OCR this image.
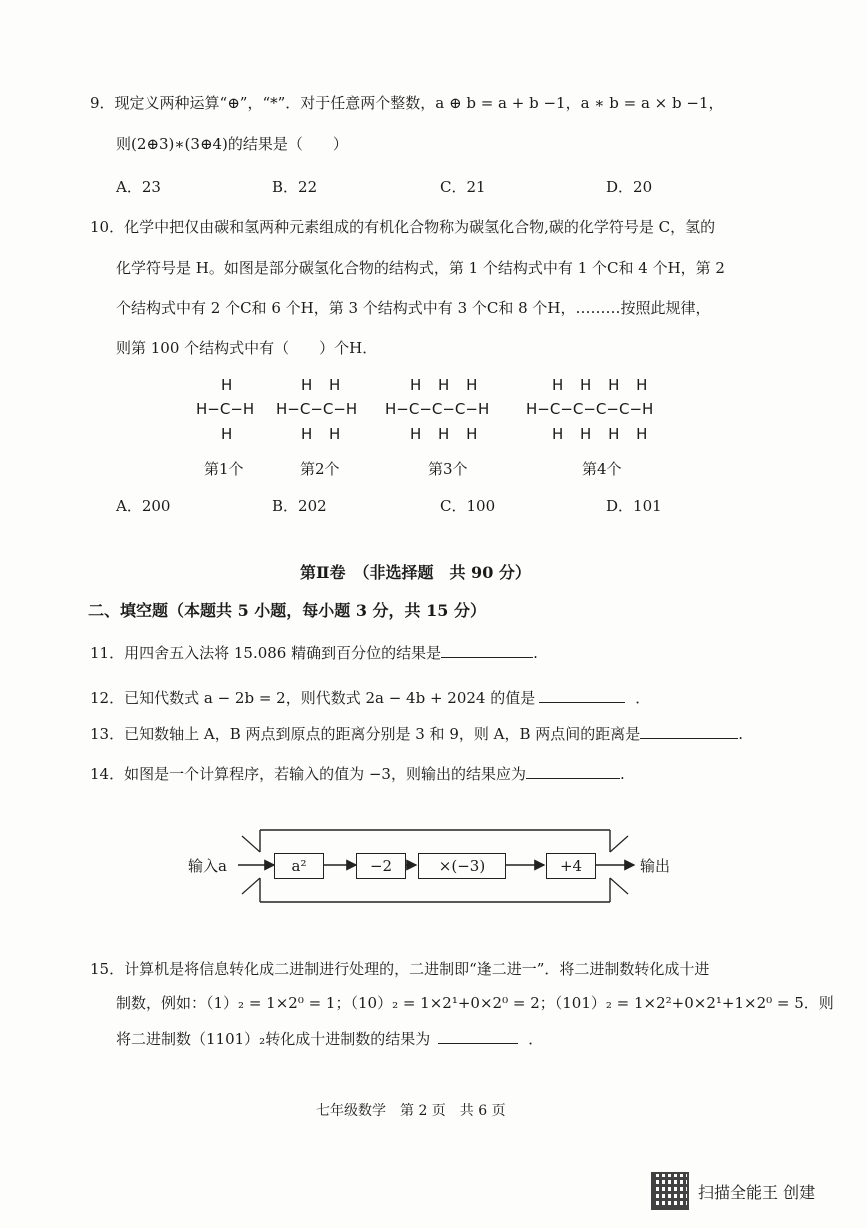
9．现定义两种运算“⊕”，“*”．对于任意两个整数，a ⊕ b = a + b −1，a ∗ b = a × b −1，
则(2⊕3)∗(3⊕4)的结果是（　　）
A．23	B．22	C．21	D．20
10．化学中把仅由碳和氢两种元素组成的有机化合物称为碳氢化合物,碳的化学符号是 C，氢的
化学符号是 H。如图是部分碳氢化合物的结构式，第 1 个结构式中有 1 个C和 4 个H，第 2
个结构式中有 2 个C和 6 个H，第 3 个结构式中有 3 个C和 8 个H，………按照此规律，
则第 100 个结构式中有（　　）个H．
H
H−C−H
H
第1个
H H
H−C−C−H
H H
第2个
H H H
H−C−C−C−H
H H H
第3个
H H H H
H−C−C−C−C−H
H H H H
第4个
A．200	B．202	C．100	D．101
第Ⅱ卷　（非选择题　共 90 分）
二、填空题（本题共 5 小题，每小题 3 分，共 15 分）
11．用四舍五入法将 15.086 精确到百分位的结果是	.
12．已知代数式 a − 2b = 2，则代数式 2a − 4b + 2024 的值是	．
13．已知数轴上 A，B 两点到原点的距离分别是 3 和 9，则 A，B 两点间的距离是	.
14．如图是一个计算程序，若输入的值为 −3，则输出的结果应为	.
输入a	a²	−2	×(−3)	+4	输出
15．计算机是将信息转化成二进制进行处理的，二进制即“逢二进一”．将二进制数转化成十进
制数，例如：（1）₂ = 1×2⁰ = 1；（10）₂ = 1×2¹+0×2⁰ = 2；（101）₂ = 1×2²+0×2¹+1×2⁰ = 5．则
将二进制数（1101）₂转化成十进制数的结果为	．
七年级数学　第 2 页　共 6 页
扫描全能王 创建
